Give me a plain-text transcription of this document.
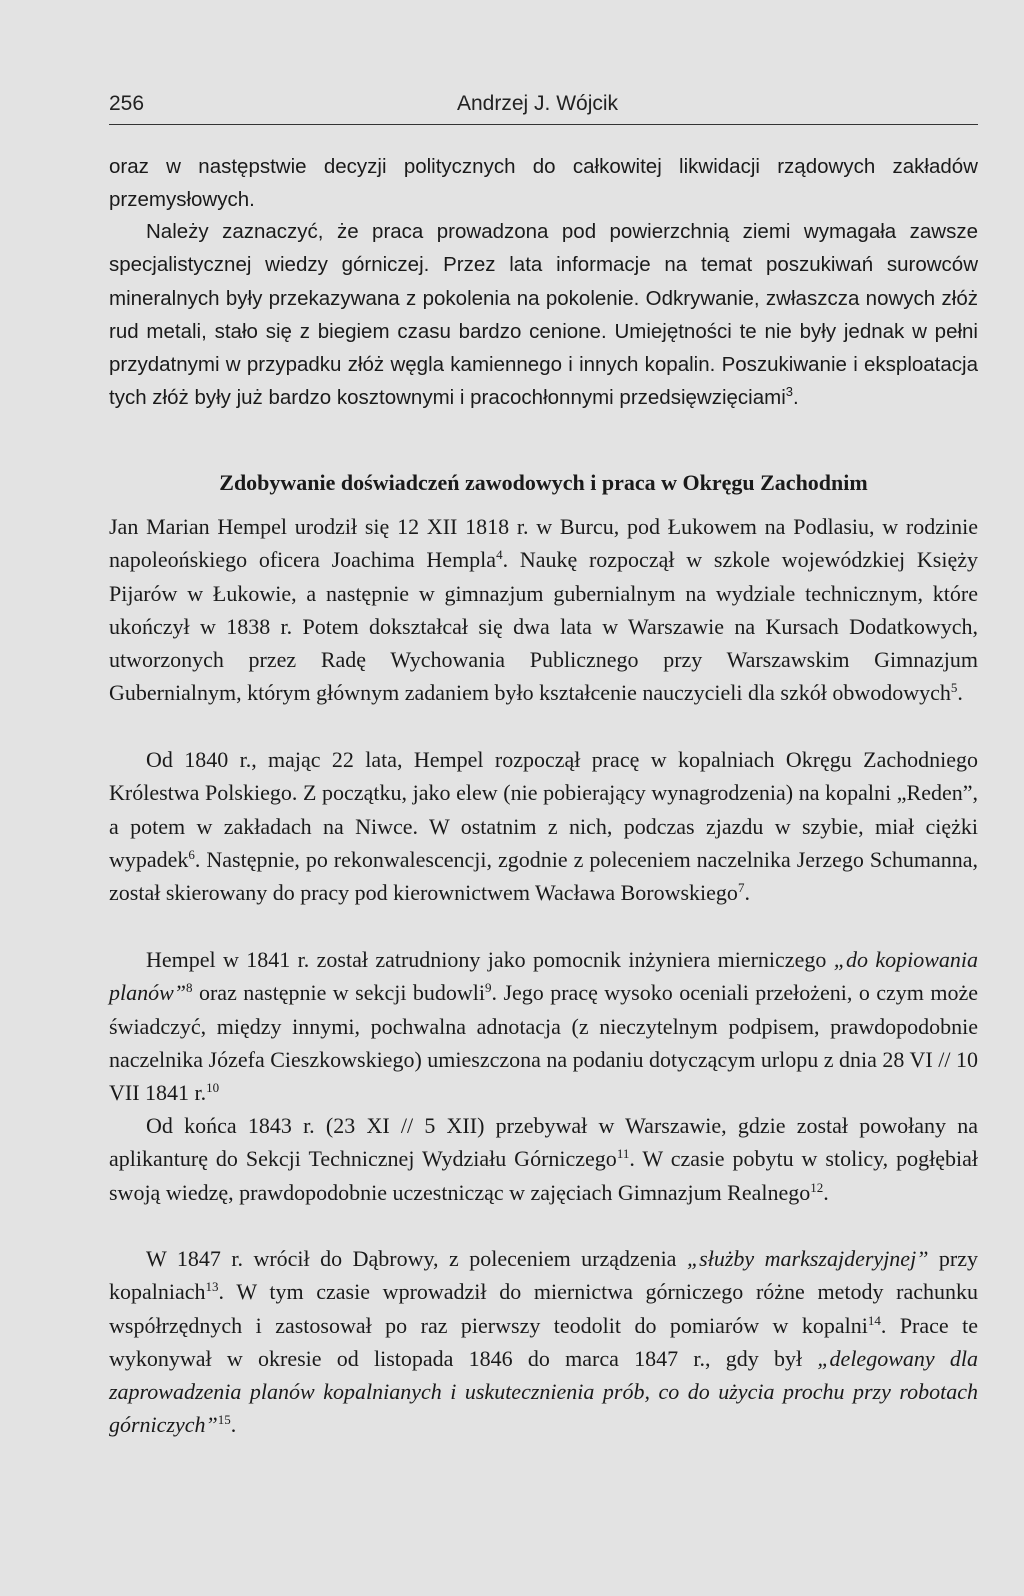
256	Andrzej J. Wójcik

oraz w następstwie decyzji politycznych do całkowitej likwidacji rządowych zakładów przemysłowych.

Należy zaznaczyć, że praca prowadzona pod powierzchnią ziemi wymagała zawsze specjalistycznej wiedzy górniczej. Przez lata informacje na temat poszukiwań surowców mineralnych były przekazywana z pokolenia na pokolenie. Odkrywanie, zwłaszcza nowych złóż rud metali, stało się z biegiem czasu bardzo cenione. Umiejętności te nie były jednak w pełni przydatnymi w przypadku złóż węgla kamiennego i innych kopalin. Poszukiwanie i eksploatacja tych złóż były już bardzo kosztownymi i pracochłonnymi przedsięwzięciami$^3$.

Zdobywanie doświadczeń zawodowych i praca w Okręgu Zachodnim

Jan Marian Hempel urodził się 12 XII 1818 r. w Burcu, pod Łukowem na Podlasiu, w rodzinie napoleońskiego oficera Joachima Hempla$^4$. Naukę rozpoczął w szkole wojewódzkiej Księży Pijarów w Łukowie, a następnie w gimnazjum gubernialnym na wydziale technicznym, które ukończył w 1838 r. Potem dokształcał się dwa lata w Warszawie na Kursach Dodatkowych, utworzonych przez Radę Wychowania Publicznego przy Warszawskim Gimnazjum Gubernialnym, którym głównym zadaniem było kształcenie nauczycieli dla szkół obwodowych$^5$.

Od 1840 r., mając 22 lata, Hempel rozpoczął pracę w kopalniach Okręgu Zachodniego Królestwa Polskiego. Z początku, jako elew (nie pobierający wynagrodzenia) na kopalni „Reden”, a potem w zakładach na Niwce. W ostatnim z nich, podczas zjazdu w szybie, miał ciężki wypadek$^6$. Następnie, po rekonwalescencji, zgodnie z poleceniem naczelnika Jerzego Schumanna, został skierowany do pracy pod kierownictwem Wacława Borowskiego$^7$.

Hempel w 1841 r. został zatrudniony jako pomocnik inżyniera mierniczego „do kopiowania planów”$^8$ oraz następnie w sekcji budowli$^9$. Jego pracę wysoko oceniali przełożeni, o czym może świadczyć, między innymi, pochwalna adnotacja (z nieczytelnym podpisem, prawdopodobnie naczelnika Józefa Cieszkowskiego) umieszczona na podaniu dotyczącym urlopu z dnia 28 VI // 10 VII 1841 r.$^{10}$

Od końca 1843 r. (23 XI // 5 XII) przebywał w Warszawie, gdzie został powołany na aplikanturę do Sekcji Technicznej Wydziału Górniczego$^{11}$. W czasie pobytu w stolicy, pogłębiał swoją wiedzę, prawdopodobnie uczestnicząc w zajęciach Gimnazjum Realnego$^{12}$.

W 1847 r. wrócił do Dąbrowy, z poleceniem urządzenia „służby markszajderyjnej” przy kopalniach$^{13}$. W tym czasie wprowadził do miernictwa górniczego różne metody rachunku współrzędnych i zastosował po raz pierwszy teodolit do pomiarów w kopalni$^{14}$. Prace te wykonywał w okresie od listopada 1846 do marca 1847 r., gdy był „delegowany dla zaprowadzenia planów kopalnianych i uskutecznienia prób, co do użycia prochu przy robotach górniczych”$^{15}$.
